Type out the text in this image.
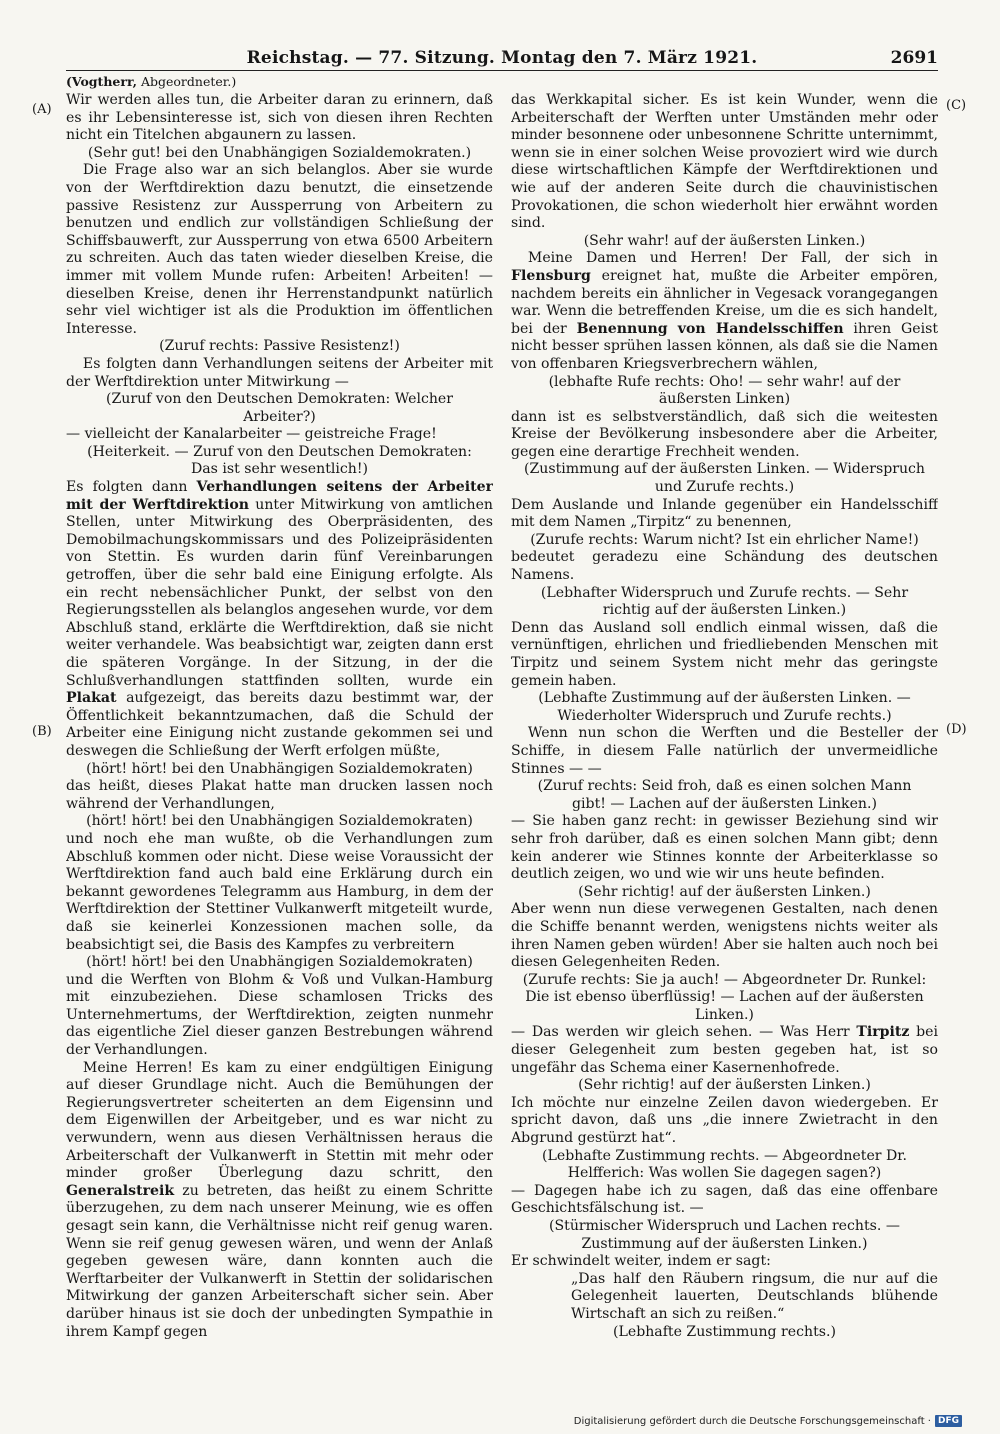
Reichstag. — 77. Sitzung. Montag den 7. März 1921.	2691
(Vogtherr, Abgeordneter.)
(A)
(B)
(C)
(D)

Wir werden alles tun, die Arbeiter daran zu erinnern, daß es ihr Lebensinteresse ist, sich von diesen ihren Rechten nicht ein Titelchen abgaunern zu lassen.

(Sehr gut! bei den Unabhängigen Sozialdemokraten.)

Die Frage also war an sich belanglos. Aber sie wurde von der Werftdirektion dazu benutzt, die einsetzende passive Resistenz zur Aussperrung von Arbeitern zu benutzen und endlich zur vollständigen Schließung der Schiffsbauwerft, zur Aussperrung von etwa 6500 Arbeitern zu schreiten. Auch das taten wieder dieselben Kreise, die immer mit vollem Munde rufen: Arbeiten! Arbeiten! — dieselben Kreise, denen ihr Herrenstandpunkt natürlich sehr viel wichtiger ist als die Produktion im öffentlichen Interesse.

(Zuruf rechts: Passive Resistenz!)

Es folgten dann Verhandlungen seitens der Arbeiter mit der Werftdirektion unter Mitwirkung —

(Zuruf von den Deutschen Demokraten: Welcher Arbeiter?)

— vielleicht der Kanalarbeiter — geistreiche Frage!

(Heiterkeit. — Zuruf von den Deutschen Demokraten: Das ist sehr wesentlich!)

Es folgten dann Verhandlungen seitens der Arbeiter mit der Werftdirektion unter Mitwirkung von amtlichen Stellen, unter Mitwirkung des Oberpräsidenten, des Demobilmachungskommissars und des Polizeipräsidenten von Stettin. Es wurden darin fünf Vereinbarungen getroffen, über die sehr bald eine Einigung erfolgte. Als ein recht nebensächlicher Punkt, der selbst von den Regierungsstellen als belanglos angesehen wurde, vor dem Abschluß stand, erklärte die Werftdirektion, daß sie nicht weiter verhandele. Was beabsichtigt war, zeigten dann erst die späteren Vorgänge. In der Sitzung, in der die Schlußverhandlungen stattfinden sollten, wurde ein Plakat aufgezeigt, das bereits dazu bestimmt war, der Öffentlichkeit bekanntzumachen, daß die Schuld der Arbeiter eine Einigung nicht zustande gekommen sei und deswegen die Schließung der Werft erfolgen müßte,

(hört! hört! bei den Unabhängigen Sozialdemokraten)

das heißt, dieses Plakat hatte man drucken lassen noch während der Verhandlungen,

(hört! hört! bei den Unabhängigen Sozialdemokraten)

und noch ehe man wußte, ob die Verhandlungen zum Abschluß kommen oder nicht. Diese weise Voraussicht der Werftdirektion fand auch bald eine Erklärung durch ein bekannt gewordenes Telegramm aus Hamburg, in dem der Werftdirektion der Stettiner Vulkanwerft mitgeteilt wurde, daß sie keinerlei Konzessionen machen solle, da beabsichtigt sei, die Basis des Kampfes zu verbreitern

(hört! hört! bei den Unabhängigen Sozialdemokraten)

und die Werften von Blohm & Voß und Vulkan-Hamburg mit einzubeziehen. Diese schamlosen Tricks des Unternehmertums, der Werftdirektion, zeigten nunmehr das eigentliche Ziel dieser ganzen Bestrebungen während der Verhandlungen.

Meine Herren! Es kam zu einer endgültigen Einigung auf dieser Grundlage nicht. Auch die Bemühungen der Regierungsvertreter scheiterten an dem Eigensinn und dem Eigenwillen der Arbeitgeber, und es war nicht zu verwundern, wenn aus diesen Verhältnissen heraus die Arbeiterschaft der Vulkanwerft in Stettin mit mehr oder minder großer Überlegung dazu schritt, den Generalstreik zu betreten, das heißt zu einem Schritte überzugehen, zu dem nach unserer Meinung, wie es offen gesagt sein kann, die Verhältnisse nicht reif genug waren. Wenn sie reif genug gewesen wären, und wenn der Anlaß gegeben gewesen wäre, dann konnten auch die Werftarbeiter der Vulkanwerft in Stettin der solidarischen Mitwirkung der ganzen Arbeiterschaft sicher sein. Aber darüber hinaus ist sie doch der unbedingten Sympathie in ihrem Kampf gegen

das Werkkapital sicher. Es ist kein Wunder, wenn die Arbeiterschaft der Werften unter Umständen mehr oder minder besonnene oder unbesonnene Schritte unternimmt, wenn sie in einer solchen Weise provoziert wird wie durch diese wirtschaftlichen Kämpfe der Werftdirektionen und wie auf der anderen Seite durch die chauvinistischen Provokationen, die schon wiederholt hier erwähnt worden sind.

(Sehr wahr! auf der äußersten Linken.)

Meine Damen und Herren! Der Fall, der sich in Flensburg ereignet hat, mußte die Arbeiter empören, nachdem bereits ein ähnlicher in Vegesack vorangegangen war. Wenn die betreffenden Kreise, um die es sich handelt, bei der Benennung von Handelsschiffen ihren Geist nicht besser sprühen lassen können, als daß sie die Namen von offenbaren Kriegsverbrechern wählen,

(lebhafte Rufe rechts: Oho! — sehr wahr! auf der äußersten Linken)

dann ist es selbstverständlich, daß sich die weitesten Kreise der Bevölkerung insbesondere aber die Arbeiter, gegen eine derartige Frechheit wenden.

(Zustimmung auf der äußersten Linken. — Widerspruch und Zurufe rechts.)

Dem Auslande und Inlande gegenüber ein Handelsschiff mit dem Namen „Tirpitz“ zu benennen,

(Zurufe rechts: Warum nicht? Ist ein ehrlicher Name!)

bedeutet geradezu eine Schändung des deutschen Namens.

(Lebhafter Widerspruch und Zurufe rechts. — Sehr richtig auf der äußersten Linken.)

Denn das Ausland soll endlich einmal wissen, daß die vernünftigen, ehrlichen und friedliebenden Menschen mit Tirpitz und seinem System nicht mehr das geringste gemein haben.

(Lebhafte Zustimmung auf der äußersten Linken. — Wiederholter Widerspruch und Zurufe rechts.)

Wenn nun schon die Werften und die Besteller der Schiffe, in diesem Falle natürlich der unvermeidliche Stinnes — —

(Zuruf rechts: Seid froh, daß es einen solchen Mann gibt! — Lachen auf der äußersten Linken.)

— Sie haben ganz recht: in gewisser Beziehung sind wir sehr froh darüber, daß es einen solchen Mann gibt; denn kein anderer wie Stinnes konnte der Arbeiterklasse so deutlich zeigen, wo und wie wir uns heute befinden.

(Sehr richtig! auf der äußersten Linken.)

Aber wenn nun diese verwegenen Gestalten, nach denen die Schiffe benannt werden, wenigstens nichts weiter als ihren Namen geben würden! Aber sie halten auch noch bei diesen Gelegenheiten Reden.

(Zurufe rechts: Sie ja auch! — Abgeordneter Dr. Runkel: Die ist ebenso überflüssig! — Lachen auf der äußersten Linken.)

— Das werden wir gleich sehen. — Was Herr Tirpitz bei dieser Gelegenheit zum besten gegeben hat, ist so ungefähr das Schema einer Kasernenhofrede.

(Sehr richtig! auf der äußersten Linken.)

Ich möchte nur einzelne Zeilen davon wiedergeben. Er spricht davon, daß uns „die innere Zwietracht in den Abgrund gestürzt hat“.

(Lebhafte Zustimmung rechts. — Abgeordneter Dr. Helfferich: Was wollen Sie dagegen sagen?)

— Dagegen habe ich zu sagen, daß das eine offenbare Geschichtsfälschung ist. —

(Stürmischer Widerspruch und Lachen rechts. — Zustimmung auf der äußersten Linken.)

Er schwindelt weiter, indem er sagt:

„Das half den Räubern ringsum, die nur auf die Gelegenheit lauerten, Deutschlands blühende Wirtschaft an sich zu reißen.“

(Lebhafte Zustimmung rechts.)

Digitalisierung gefördert durch die Deutsche Forschungsgemeinschaft · DFG
